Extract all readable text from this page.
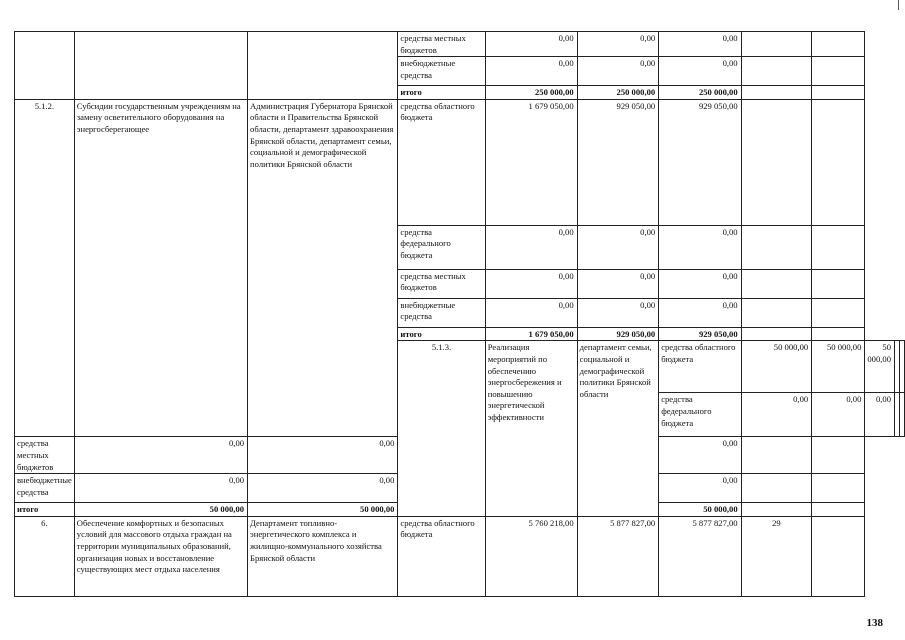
			средства местных бюджетов	0,00	0,00	0,00					
			внебюджетные средства	0,00	0,00	0,00					
			итого	250 000,00	250 000,00	250 000,00					
5.1.2.	Субсидии государственным учреждениям на замену осветительного оборудования на энергосберегающее	Администрация Губернатора Брянской области и Правительства Брянской области, департамент здравоохранения Брянской области, департамент семьи, социальной и демографической политики Брянской области	средства областного бюджета	1 679 050,00	929 050,00	929 050,00					
			средства федерального бюджета	0,00	0,00	0,00					
			средства местных бюджетов	0,00	0,00	0,00					
			внебюджетные средства	0,00	0,00	0,00					
			итого	1 679 050,00	929 050,00	929 050,00					
			5.1.3.	Реализация мероприятий по обеспечению энергосбережения и повышению энергетической эффективности	департамент семьи, социальной и демографической политики Брянской области	средства областного бюджета	50 000,00	50 000,00	50 000,00		
						средства федерального бюджета	0,00	0,00	0,00		
средства местных бюджетов	0,00	0,00				0,00					
внебюджетные средства	0,00	0,00				0,00					
итого	50 000,00	50 000,00				50 000,00					
6.	Обеспечение комфортных и безопасных условий для массового отдыха граждан на территории муниципальных образований, организация новых и восстановление существующих мест отдыха населения	Департамент топливно-энергетического комплекса и жилищно-коммунального хозяйства Брянской области	средства областного бюджета	5 760 218,00	5 877 827,00	5 877 827,00	29				
138
